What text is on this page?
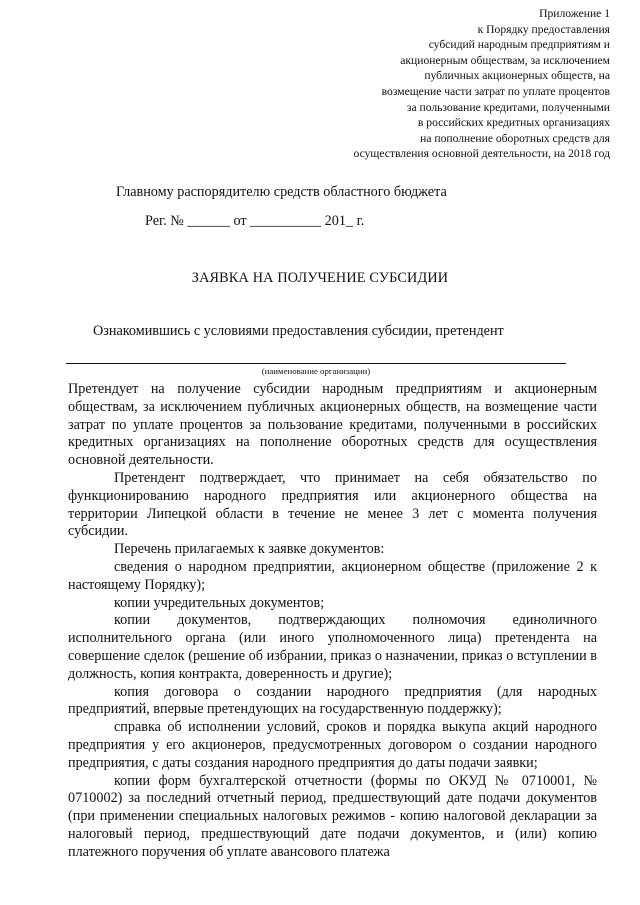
Приложение 1
к Порядку предоставления
субсидий народным предприятиям и
акционерным обществам, за исключением
публичных акционерных обществ, на
возмещение части затрат по уплате процентов
за пользование кредитами, полученными
в российских кредитных организациях
на пополнение оборотных средств для
осуществления основной деятельности, на 2018 год
Главному распорядителю средств областного бюджета
Рег. № ______ от __________ 201_ г.
ЗАЯВКА НА ПОЛУЧЕНИЕ СУБСИДИИ
Ознакомившись с условиями предоставления субсидии, претендент
(наименование организации)

Претендует на получение субсидии народным предприятиям и акционерным обществам, за исключением публичных акционерных обществ, на возмещение части затрат по уплате процентов за пользование кредитами, полученными в российских кредитных организациях на пополнение оборотных средств для осуществления основной деятельности.

Претендент подтверждает, что принимает на себя обязательство по функционированию народного предприятия или акционерного общества на территории Липецкой области в течение не менее 3 лет с момента получения субсидии.

Перечень прилагаемых к заявке документов:

сведения о народном предприятии, акционерном обществе (приложение 2 к настоящему Порядку);

копии учредительных документов;

копии документов, подтверждающих полномочия единоличного исполнительного органа (или иного уполномоченного лица) претендента на совершение сделок (решение об избрании, приказ о назначении, приказ о вступлении в должность, копия контракта, доверенность и другие);

копия договора о создании народного предприятия (для народных предприятий, впервые претендующих на государственную поддержку);

справка об исполнении условий, сроков и порядка выкупа акций народного предприятия у его акционеров, предусмотренных договором о создании народного предприятия, с даты создания народного предприятия до даты подачи заявки;

копии форм бухгалтерской отчетности (формы по ОКУД № 0710001, № 0710002) за последний отчетный период, предшествующий дате подачи документов (при применении специальных налоговых режимов - копию налоговой декларации за налоговый период, предшествующий дате подачи документов, и (или) копию платежного поручения об уплате авансового платежа
